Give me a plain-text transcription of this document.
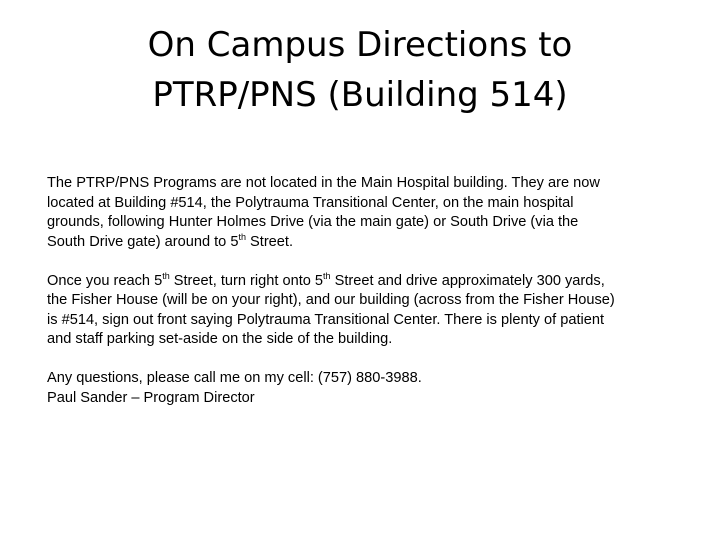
On Campus Directions to
PTRP/PNS (Building 514)

The PTRP/PNS Programs are not located in the Main Hospital building. They are now
located at Building #514, the Polytrauma Transitional Center, on the main hospital
grounds, following Hunter Holmes Drive (via the main gate) or South Drive (via the
South Drive gate) around to 5th Street.

Once you reach 5th Street, turn right onto 5th Street and drive approximately 300 yards,
the Fisher House (will be on your right), and our building (across from the Fisher House)
is #514, sign out front saying Polytrauma Transitional Center. There is plenty of patient
and staff parking set-aside on the side of the building.

Any questions, please call me on my cell: (757) 880-3988.
Paul Sander – Program Director
